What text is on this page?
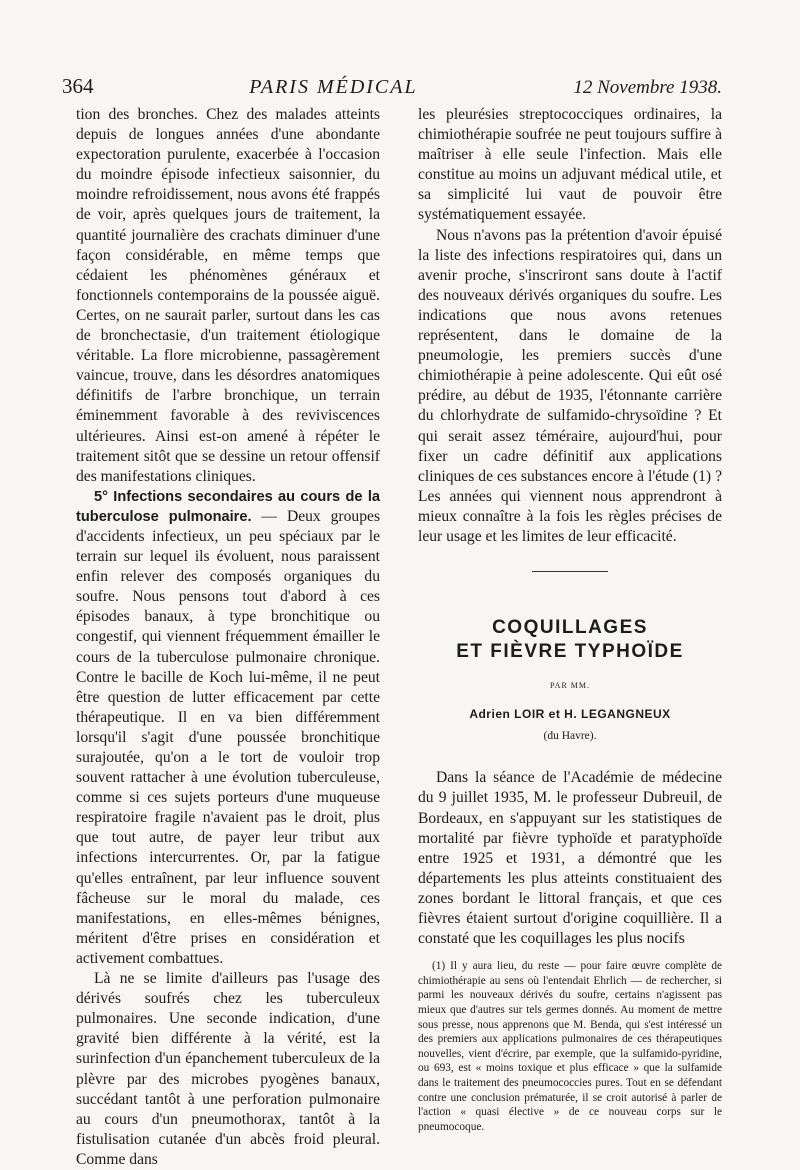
364	PARIS MÉDICAL	12 Novembre 1938.

tion des bronches. Chez des malades atteints depuis de longues années d'une abondante expectoration purulente, exacerbée à l'occasion du moindre épisode infectieux saisonnier, du moindre refroidissement, nous avons été frappés de voir, après quelques jours de traitement, la quantité journalière des crachats diminuer d'une façon considérable, en même temps que cédaient les phénomènes généraux et fonctionnels contemporains de la poussée aiguë. Certes, on ne saurait parler, surtout dans les cas de bronchectasie, d'un traitement étiologique véritable. La flore microbienne, passagèrement vaincue, trouve, dans les désordres anatomiques définitifs de l'arbre bronchique, un terrain éminemment favorable à des reviviscences ultérieures. Ainsi est-on amené à répéter le traitement sitôt que se dessine un retour offensif des manifestations cliniques.

5° Infections secondaires au cours de la tuberculose pulmonaire. — Deux groupes d'accidents infectieux, un peu spéciaux par le terrain sur lequel ils évoluent, nous paraissent enfin relever des composés organiques du soufre. Nous pensons tout d'abord à ces épisodes banaux, à type bronchitique ou congestif, qui viennent fréquemment émailler le cours de la tuberculose pulmonaire chronique. Contre le bacille de Koch lui-même, il ne peut être question de lutter efficacement par cette thérapeutique. Il en va bien différemment lorsqu'il s'agit d'une poussée bronchitique surajoutée, qu'on a le tort de vouloir trop souvent rattacher à une évolution tuberculeuse, comme si ces sujets porteurs d'une muqueuse respiratoire fragile n'avaient pas le droit, plus que tout autre, de payer leur tribut aux infections intercurrentes. Or, par la fatigue qu'elles entraînent, par leur influence souvent fâcheuse sur le moral du malade, ces manifestations, en elles-mêmes bénignes, méritent d'être prises en considération et activement combattues.

Là ne se limite d'ailleurs pas l'usage des dérivés soufrés chez les tuberculeux pulmonaires. Une seconde indication, d'une gravité bien différente à la vérité, est la surinfection d'un épanchement tuberculeux de la plèvre par des microbes pyogènes banaux, succédant tantôt à une perforation pulmonaire au cours d'un pneumothorax, tantôt à la fistulisation cutanée d'un abcès froid pleural. Comme dans

les pleurésies streptococciques ordinaires, la chimiothérapie soufrée ne peut toujours suffire à maîtriser à elle seule l'infection. Mais elle constitue au moins un adjuvant médical utile, et sa simplicité lui vaut de pouvoir être systématiquement essayée.

Nous n'avons pas la prétention d'avoir épuisé la liste des infections respiratoires qui, dans un avenir proche, s'inscriront sans doute à l'actif des nouveaux dérivés organiques du soufre. Les indications que nous avons retenues représentent, dans le domaine de la pneumologie, les premiers succès d'une chimiothérapie à peine adolescente. Qui eût osé prédire, au début de 1935, l'étonnante carrière du chlorhydrate de sulfamido-chrysoïdine ? Et qui serait assez téméraire, aujourd'hui, pour fixer un cadre définitif aux applications cliniques de ces substances encore à l'étude (1) ? Les années qui viennent nous apprendront à mieux connaître à la fois les règles précises de leur usage et les limites de leur efficacité.

COQUILLAGES
ET FIÈVRE TYPHOÏDE
PAR MM.
Adrien LOIR et H. LEGANGNEUX
(du Havre).

Dans la séance de l'Académie de médecine du 9 juillet 1935, M. le professeur Dubreuil, de Bordeaux, en s'appuyant sur les statistiques de mortalité par fièvre typhoïde et paratyphoïde entre 1925 et 1931, a démontré que les départements les plus atteints constituaient des zones bordant le littoral français, et que ces fièvres étaient surtout d'origine coquillière. Il a constaté que les coquillages les plus nocifs

(1) Il y aura lieu, du reste — pour faire œuvre complète de chimiothérapie au sens où l'entendait Ehrlich — de rechercher, si parmi les nouveaux dérivés du soufre, certains n'agissent pas mieux que d'autres sur tels germes donnés. Au moment de mettre sous presse, nous apprenons que M. Benda, qui s'est intéressé un des premiers aux applications pulmonaires de ces thérapeutiques nouvelles, vient d'écrire, par exemple, que la sulfamido-pyridine, ou 693, est « moins toxique et plus efficace » que la sulfamide dans le traitement des pneumococcies pures. Tout en se défendant contre une conclusion prématurée, il se croit autorisé à parler de l'action « quasi élective » de ce nouveau corps sur le pneumocoque.
